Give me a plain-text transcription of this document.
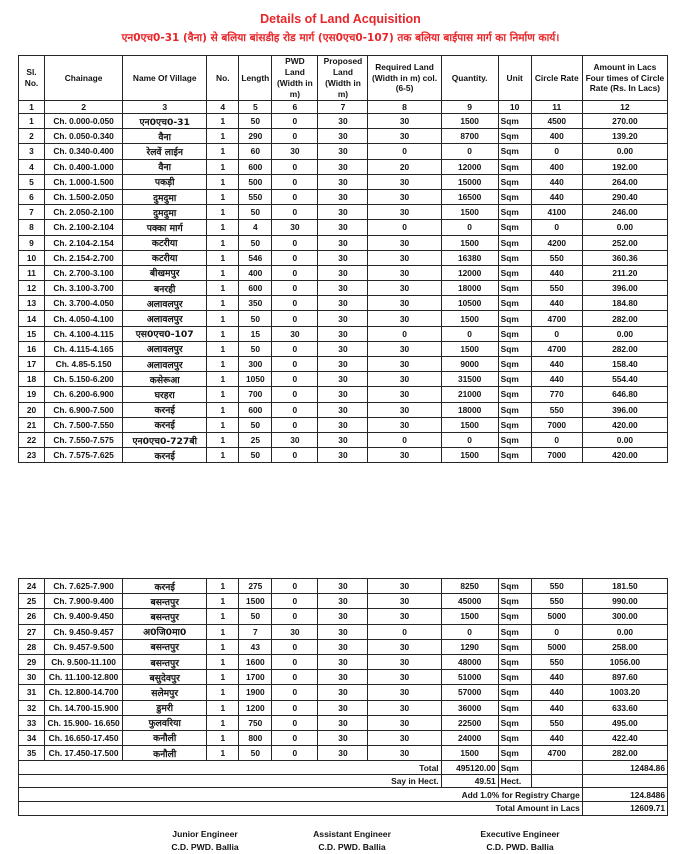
Details of Land Acquisition
एन0एच0-31 (वैना) से बलिया बांसडीह रोड मार्ग (एस0एच0-107) तक बलिया बाईपास मार्ग का निर्माण कार्य।
Sl. No.	Chainage	Name Of Village	No.	Length	PWD Land (Width in m)	Proposed Land (Width in m)	Required Land (Width in m) col. (6-5)	Quantity.	Unit	Circle Rate	Amount in Lacs Four times of Circle Rate (Rs. In Lacs)
1	2	3	4	5	6	7	8	9	10	11	12
1	Ch. 0.000-0.050	एन0एच0-31	1	50	0	30	30	1500	Sqm	4500	270.00
2	Ch. 0.050-0.340	वैना	1	290	0	30	30	8700	Sqm	400	139.20
3	Ch. 0.340-0.400	रेलवें लाईन	1	60	30	30	0	0	Sqm	0	0.00
4	Ch. 0.400-1.000	वैना	1	600	0	30	20	12000	Sqm	400	192.00
5	Ch. 1.000-1.500	पकड़ी	1	500	0	30	30	15000	Sqm	440	264.00
6	Ch. 1.500-2.050	दुमदुमा	1	550	0	30	30	16500	Sqm	440	290.40
7	Ch. 2.050-2.100	दुमदुमा	1	50	0	30	30	1500	Sqm	4100	246.00
8	Ch. 2.100-2.104	पक्का मार्ग	1	4	30	30	0	0	Sqm	0	0.00
9	Ch. 2.104-2.154	कटरीया	1	50	0	30	30	1500	Sqm	4200	252.00
10	Ch. 2.154-2.700	कटरीया	1	546	0	30	30	16380	Sqm	550	360.36
11	Ch. 2.700-3.100	बीखमपुर	1	400	0	30	30	12000	Sqm	440	211.20
12	Ch. 3.100-3.700	बनरही	1	600	0	30	30	18000	Sqm	550	396.00
13	Ch. 3.700-4.050	अलावलपुर	1	350	0	30	30	10500	Sqm	440	184.80
14	Ch. 4.050-4.100	अलावलपुर	1	50	0	30	30	1500	Sqm	4700	282.00
15	Ch. 4.100-4.115	एस0एच0-107	1	15	30	30	0	0	Sqm	0	0.00
16	Ch. 4.115-4.165	अलावलपुर	1	50	0	30	30	1500	Sqm	4700	282.00
17	Ch. 4.85-5.150	अलावलपुर	1	300	0	30	30	9000	Sqm	440	158.40
18	Ch. 5.150-6.200	कसेरूआ	1	1050	0	30	30	31500	Sqm	440	554.40
19	Ch. 6.200-6.900	घरहरा	1	700	0	30	30	21000	Sqm	770	646.80
20	Ch. 6.900-7.500	करनई	1	600	0	30	30	18000	Sqm	550	396.00
21	Ch. 7.500-7.550	करनई	1	50	0	30	30	1500	Sqm	7000	420.00
22	Ch. 7.550-7.575	एन0एच0-727बी	1	25	30	30	0	0	Sqm	0	0.00
23	Ch. 7.575-7.625	करनई	1	50	0	30	30	1500	Sqm	7000	420.00
24	Ch. 7.625-7.900	करनई	1	275	0	30	30	8250	Sqm	550	181.50
25	Ch. 7.900-9.400	बसन्तपुर	1	1500	0	30	30	45000	Sqm	550	990.00
26	Ch. 9.400-9.450	बसन्तपुर	1	50	0	30	30	1500	Sqm	5000	300.00
27	Ch. 9.450-9.457	अ0जि0मा0	1	7	30	30	0	0	Sqm	0	0.00
28	Ch. 9.457-9.500	बसन्तपुर	1	43	0	30	30	1290	Sqm	5000	258.00
29	Ch. 9.500-11.100	बसन्तपुर	1	1600	0	30	30	48000	Sqm	550	1056.00
30	Ch. 11.100-12.800	बसुदेवपुर	1	1700	0	30	30	51000	Sqm	440	897.60
31	Ch. 12.800-14.700	सलेमपुर	1	1900	0	30	30	57000	Sqm	440	1003.20
32	Ch. 14.700-15.900	डुमरी	1	1200	0	30	30	36000	Sqm	440	633.60
33	Ch. 15.900- 16.650	फुलवरिया	1	750	0	30	30	22500	Sqm	550	495.00
34	Ch. 16.650-17.450	कनौली	1	800	0	30	30	24000	Sqm	440	422.40
35	Ch. 17.450-17.500	कनौली	1	50	0	30	30	1500	Sqm	4700	282.00
Total								495120.00	Sqm		12484.86
Say in Hect.								49.51	Hect.		
Add 1.0% for Registry Charge											124.8486
Total Amount in Lacs											12609.71
Junior Engineer
C.D. PWD. Ballia
Assistant Engineer
C.D. PWD. Ballia
Executive Engineer
C.D. PWD. Ballia
